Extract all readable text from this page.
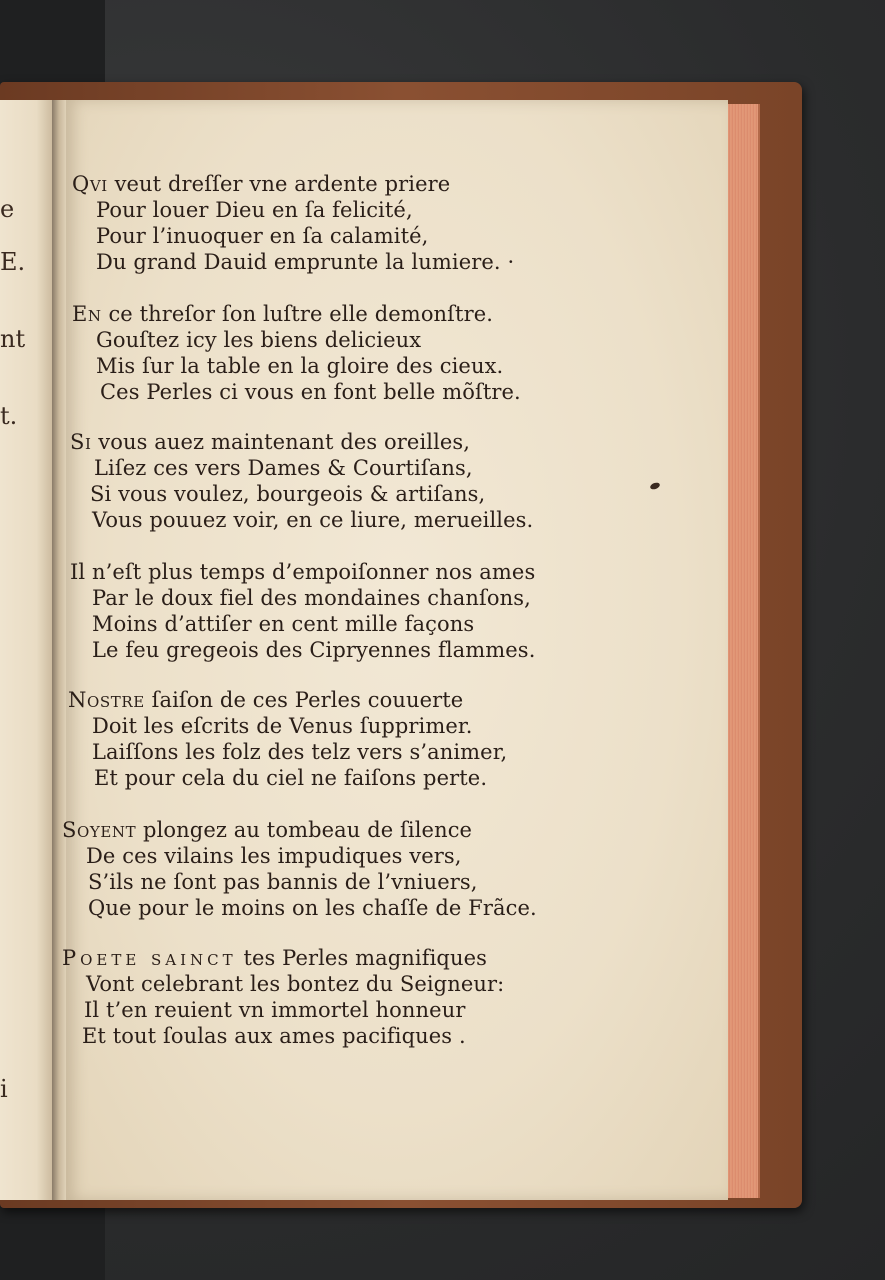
e
E.
nt
t.
i
Qvi veut dreſſer vne ardente priere
Pour louer Dieu en ſa felicité,
Pour l’inuoquer en ſa calamité,
Du grand Dauid emprunte la lumiere. ·
En ce threſor ſon luſtre elle demonſtre.
Gouſtez icy les biens delicieux
Mis ſur la table en la gloire des cieux.
Ces Perles ci vous en font belle mõſtre.
Si vous auez maintenant des oreilles,
Liſez ces vers Dames & Courtiſans,
Si vous voulez, bourgeois & artiſans,
Vous pouuez voir, en ce liure, merueilles.
Il n’eſt plus temps d’empoiſonner nos ames
Par le doux fiel des mondaines chanſons,
Moins d’attiſer en cent mille façons
Le feu gregeois des Cipryennes flammes.
Nostre ſaiſon de ces Perles couuerte
Doit les eſcrits de Venus ſupprimer.
Laiſſons les folz des telz vers s’animer,
Et pour cela du ciel ne faiſons perte.
Soyent plongez au tombeau de ſilence
De ces vilains les impudiques vers,
S’ils ne ſont pas bannis de l’vniuers,
Que pour le moins on les chaſſe de Frãce.
Poete sainct tes Perles magnifiques
Vont celebrant les bontez du Seigneur:
Il t’en reuient vn immortel honneur
Et tout ſoulas aux ames pacifiques .
